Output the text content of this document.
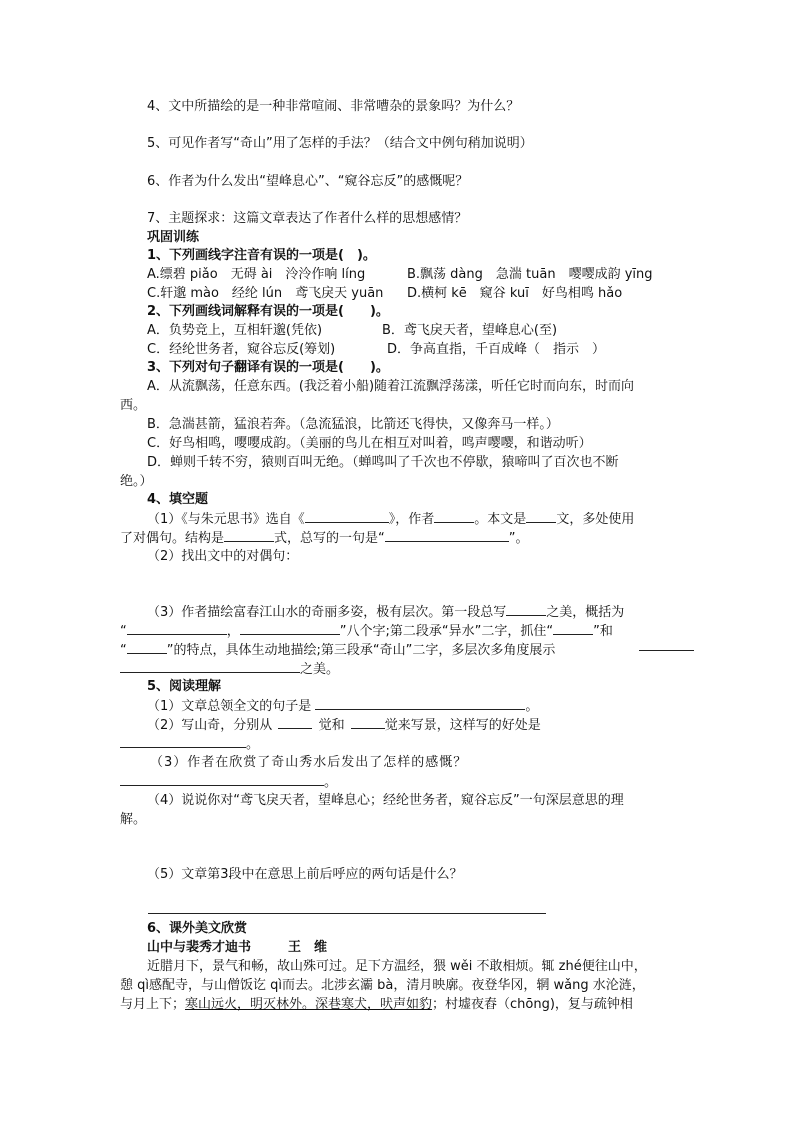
4、文中所描绘的是一种非常喧闹、非常嘈杂的景象吗？为什么？
5、可见作者写“奇山”用了怎样的手法？（结合文中例句稍加说明）
6、作者为什么发出“望峰息心”、“窥谷忘反”的感慨呢？
7、主题探求：这篇文章表达了作者什么样的思想感情？
巩固训练
1、下列画线字注音有误的一项是(　)。
A.缥碧 piǎo　无碍 ài　泠泠作响 líng	B.飘荡 dàng　急湍 tuān　嘤嘤成韵 yīng
C.轩邈 mào　经纶 lún　鸢飞戾天 yuān D.横柯 kē　窥谷 kuī　好鸟相鸣 hǎo
2、下列画线词解释有误的一项是(　　)。
A．负势竞上，互相轩邈(凭依)	B．鸢飞戾天者，望峰息心(至)
C．经纶世务者，窥谷忘反(筹划)	D．争高直指，千百成峰（　指示　）
3、下列对句子翻译有误的一项是(　　)。
A．从流飘荡，任意东西。(我泛着小船)随着江流飘浮荡漾，听任它时而向东，时而向
西。
B．急湍甚箭，猛浪若奔。（急流猛浪，比箭还飞得快，又像奔马一样。）
C．好鸟相鸣，嘤嘤成韵。（美丽的鸟儿在相互对叫着，鸣声嘤嘤，和谐动听）
D．蝉则千转不穷，猿则百叫无绝。（蝉鸣叫了千次也不停歇，猿啼叫了百次也不断
绝。）
4、填空题
（1）《与朱元思书》选自《	》，作者	。本文是 文，多处使用
了对偶句。结构是	式，总写的一句是“	”。
（2）找出文中的对偶句：
（3）作者描绘富春江山水的奇丽多姿，极有层次。第一段总写	之美，概括为
“	，	”八个字;第二段承“异水”二字，抓住“	”和
“	”的特点，具体生动地描绘;第三段承“奇山”二字，多层次多角度展示
之美。
5、阅读理解
（1）文章总领全文的句子是	。
（2）写山奇，分别从	觉和	觉来写景，这样写的好处是
。
（3）作者在欣赏了奇山秀水后发出了怎样的感慨？
。
（4）说说你对“鸢飞戾天者，望峰息心；经纶世务者，窥谷忘反”一句深层意思的理
解。
（5）文章第3段中在意思上前后呼应的两句话是什么？
6、课外美文欣赏
山中与裴秀才迪书	王　维
近腊月下，景气和畅，故山殊可过。足下方温经，猥 wěi 不敢相烦。辄 zhé便往山中，
憩 qì感配寺，与山僧饭讫 qì而去。北涉玄灞 bà，清月映廓。夜登华冈，辋 wǎng 水沦涟，
与月上下；寒山远火，明灭林外。深巷寒犬，吠声如豹；村墟夜舂（chōng)，复与疏钟相
